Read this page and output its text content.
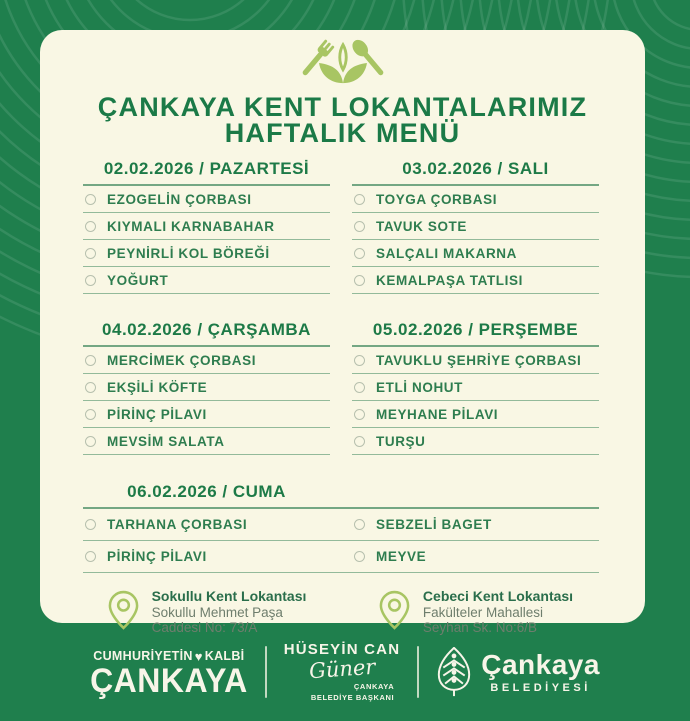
ÇANKAYA KENT LOKANTALARIMIZ
HAFTALIK MENÜ
02.02.2026 / PAZARTESİ
EZOGELİN ÇORBASI
KIYMALI KARNABAHAR
PEYNİRLİ KOL BÖREĞİ
YOĞURT
03.02.2026 / SALI
TOYGA ÇORBASI
TAVUK SOTE
SALÇALI MAKARNA
KEMALPAŞA TATLISI
04.02.2026 / ÇARŞAMBA
MERCİMEK ÇORBASI
EKŞİLİ KÖFTE
PİRİNÇ PİLAVI
MEVSİM SALATA
05.02.2026 / PERŞEMBE
TAVUKLU ŞEHRİYE ÇORBASI
ETLİ NOHUT
MEYHANE PİLAVI
TURŞU
06.02.2026 / CUMA
TARHANA ÇORBASI	SEBZELİ BAGET
PİRİNÇ PİLAVI	MEYVE
Sokullu Kent Lokantası
Sokullu Mehmet Paşa
Caddesi No: 73/A
Cebeci Kent Lokantası
Fakülteler Mahallesi
Seyhan Sk. No:6/B
CUMHURİYETİN ♥ KALBİ
ÇANKAYA
HÜSEYİN CAN
Güner
ÇANKAYA
BELEDİYE BAŞKANI
Çankaya
BELEDİYESİ
